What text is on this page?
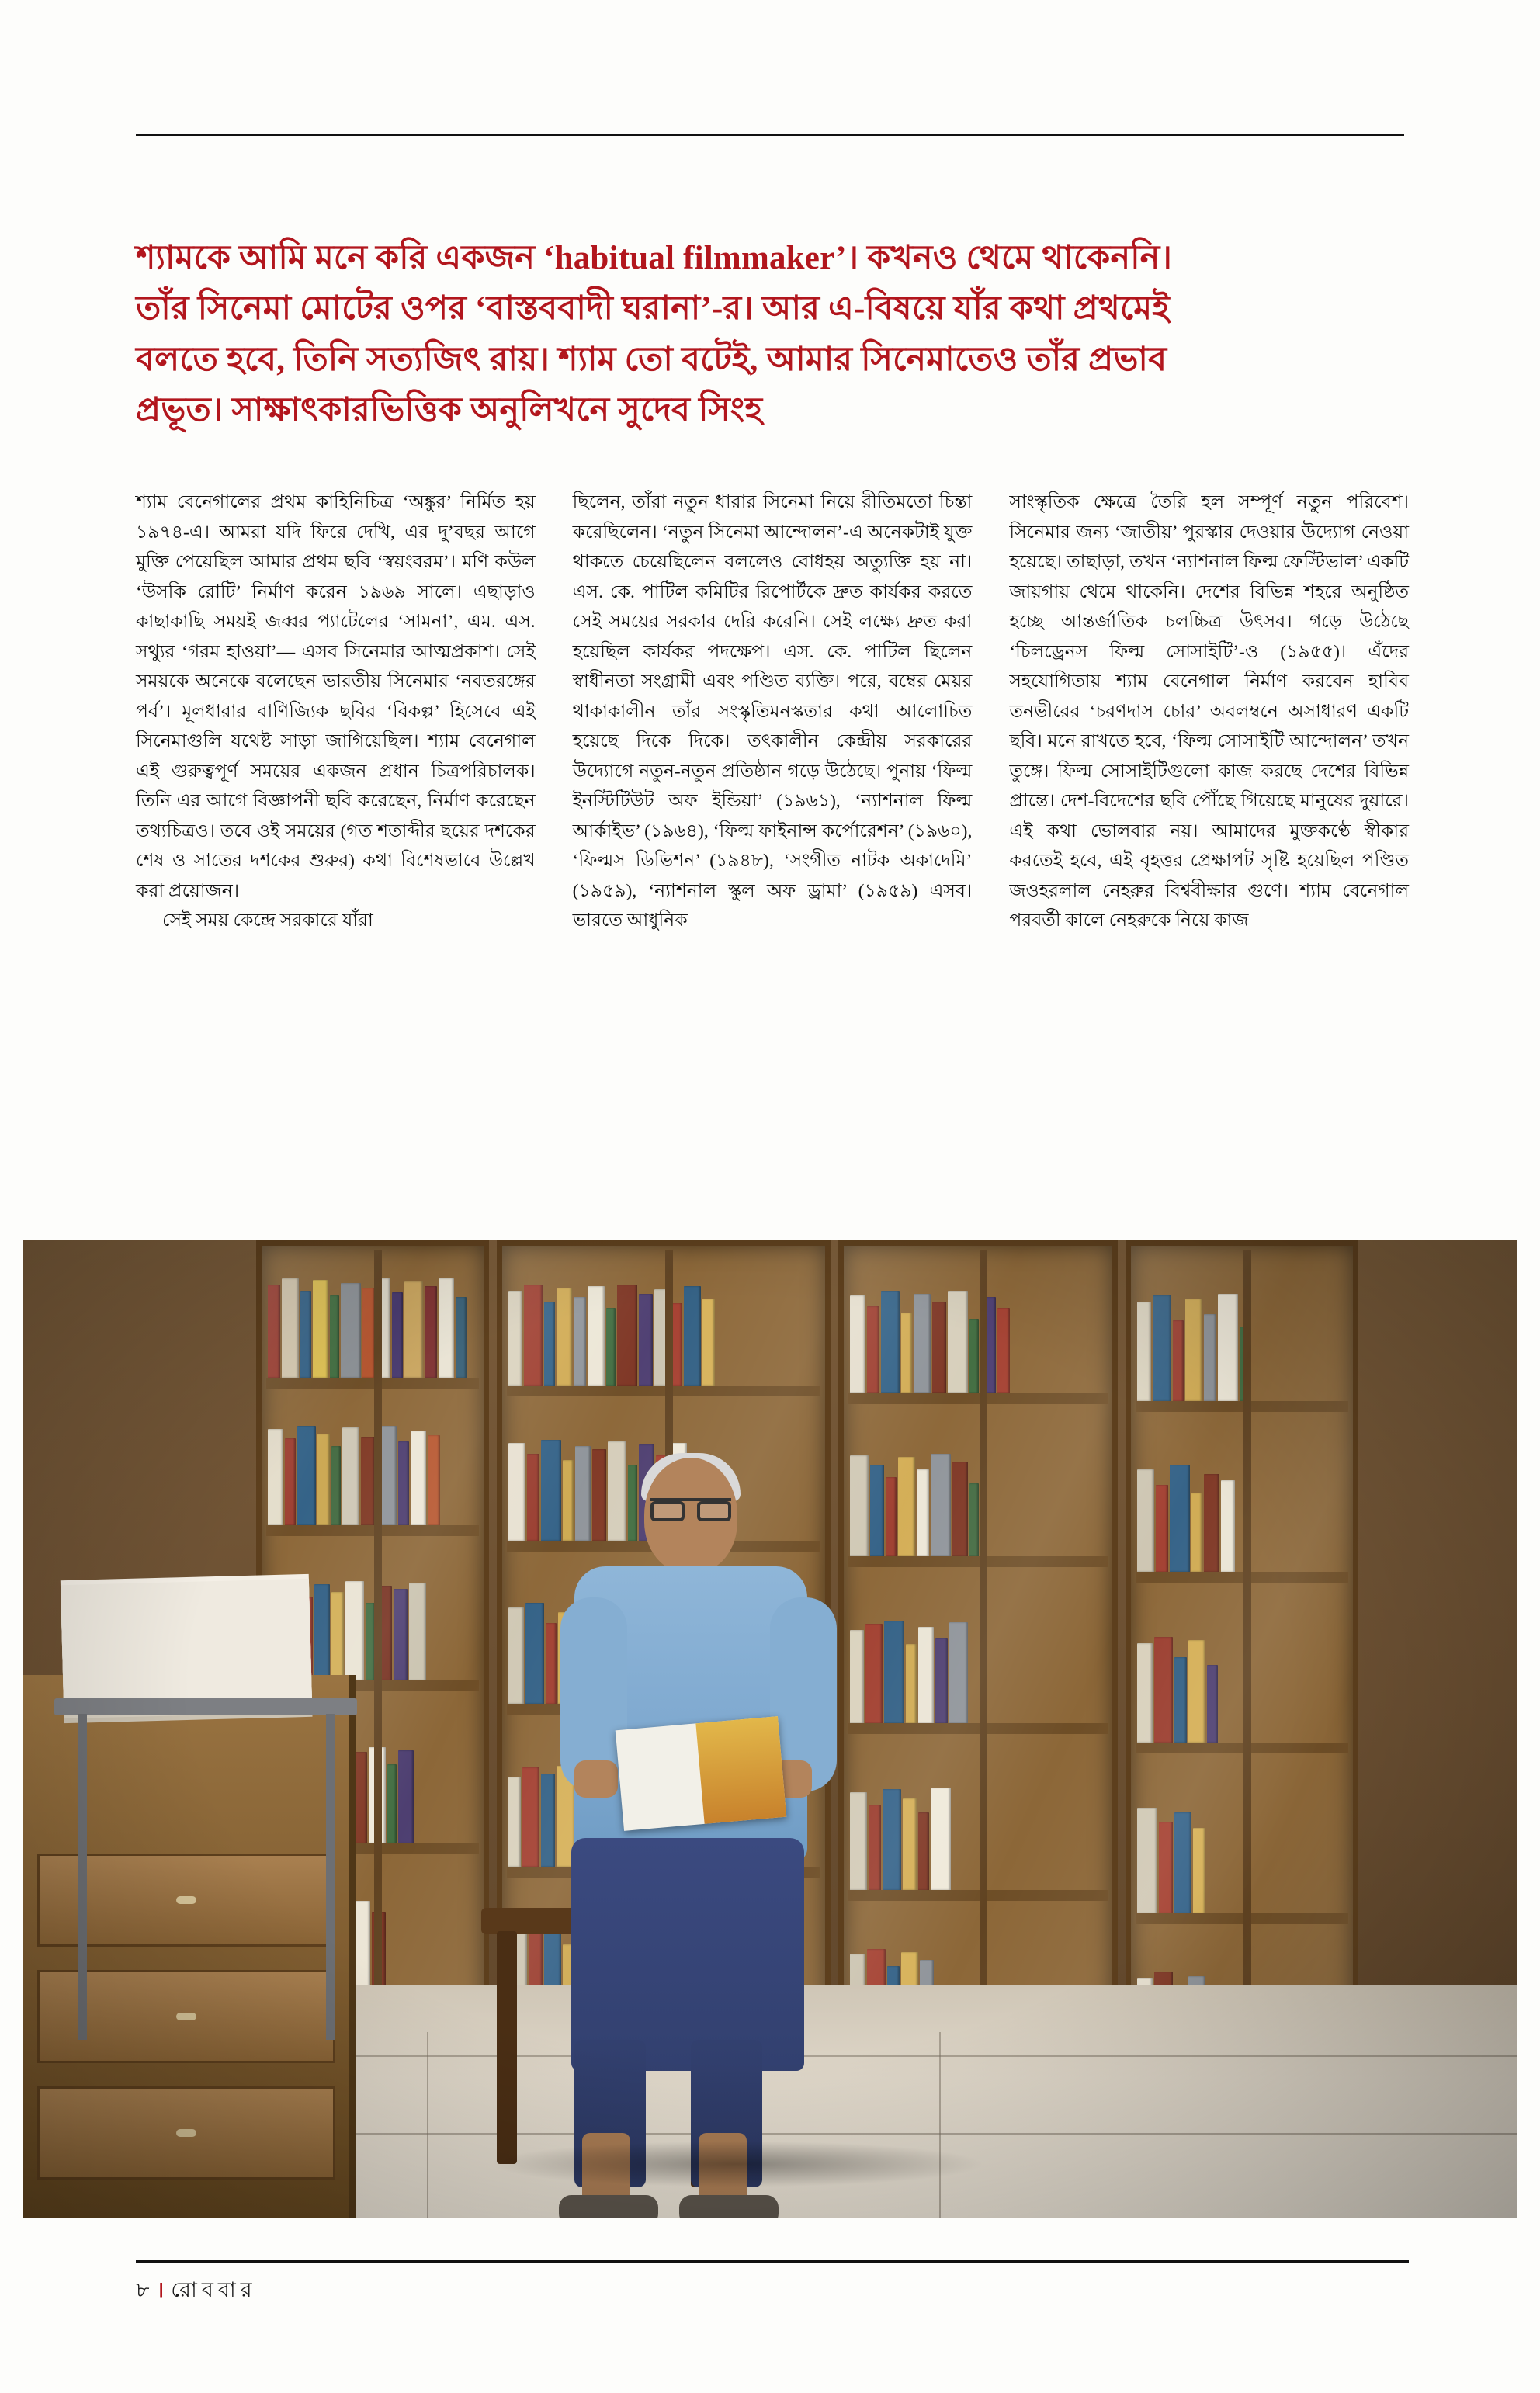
শ্যামকে আমি মনে করি একজন ‘habitual filmmaker’। কখনও থেমে থাকেননি।
তাঁর সিনেমা মোটের ওপর ‘বাস্তববাদী ঘরানা’-র। আর এ-বিষয়ে যাঁর কথা প্রথমেই
বলতে হবে, তিনি সত্যজিৎ রায়। শ্যাম তো বটেই, আমার সিনেমাতেও তাঁর প্রভাব
প্রভূত। সাক্ষাৎকারভিত্তিক অনুলিখনে সুদেব সিংহ

শ্যাম বেনেগালের প্রথম কাহিনিচিত্র ‘অঙ্কুর’ নির্মিত হয় ১৯৭৪-এ। আমরা যদি ফিরে দেখি, এর দু’বছর আগে মুক্তি পেয়েছিল আমার প্রথম ছবি ‘স্বয়ংবরম’। মণি কউল ‘উসকি রোটি’ নির্মাণ করেন ১৯৬৯ সালে। এছাড়াও কাছাকাছি সময়ই জব্বর প্যাটেলের ‘সামনা’, এম. এস. সথ্যুর ‘গরম হাওয়া’— এসব সিনেমার আত্মপ্রকাশ। সেই সময়কে অনেকে বলেছেন ভারতীয় সিনেমার ‘নবতরঙ্গের পর্ব’। মূলধারার বাণিজ্যিক ছবির ‘বিকল্প’ হিসেবে এই সিনেমাগুলি যথেষ্ট সাড়া জাগিয়েছিল। শ্যাম বেনেগাল এই গুরুত্বপূর্ণ সময়ের একজন প্রধান চিত্রপরিচালক। তিনি এর আগে বিজ্ঞাপনী ছবি করেছেন, নির্মাণ করেছেন তথ্যচিত্রও। তবে ওই সময়ের (গত শতাব্দীর ছয়ের দশকের শেষ ও সাতের দশকের শুরুর) কথা বিশেষভাবে উল্লেখ করা প্রয়োজন।

সেই সময় কেন্দ্রে সরকারে যাঁরা

ছিলেন, তাঁরা নতুন ধারার সিনেমা নিয়ে রীতিমতো চিন্তা করেছিলেন। ‘নতুন সিনেমা আন্দোলন’-এ অনেকটাই যুক্ত থাকতে চেয়েছিলেন বললেও বোধহয় অত্যুক্তি হয় না। এস. কে. পাটিল কমিটির রিপোর্টকে দ্রুত কার্যকর করতে সেই সময়ের সরকার দেরি করেনি। সেই লক্ষ্যে দ্রুত করা হয়েছিল কার্যকর পদক্ষেপ। এস. কে. পাটিল ছিলেন স্বাধীনতা সংগ্রামী এবং পণ্ডিত ব্যক্তি। পরে, বম্বের মেয়র থাকাকালীন তাঁর সংস্কৃতিমনস্কতার কথা আলোচিত হয়েছে দিকে দিকে। তৎকালীন কেন্দ্রীয় সরকারের উদ্যোগে নতুন-নতুন প্রতিষ্ঠান গড়ে উঠেছে। পুনায় ‘ফিল্ম ইনস্টিটিউট অফ ইন্ডিয়া’ (১৯৬১), ‘ন্যাশনাল ফিল্ম আর্কাইভ’ (১৯৬৪), ‘ফিল্ম ফাইনান্স কর্পোরেশন’ (১৯৬০), ‘ফিল্মস ডিভিশন’ (১৯৪৮), ‘সংগীত নাটক অকাদেমি’ (১৯৫৯), ‘ন্যাশনাল স্কুল অফ ড্রামা’ (১৯৫৯) এসব। ভারতে আধুনিক

সাংস্কৃতিক ক্ষেত্রে তৈরি হল সম্পূর্ণ নতুন পরিবেশ। সিনেমার জন্য ‘জাতীয়’ পুরস্কার দেওয়ার উদ্যোগ নেওয়া হয়েছে। তাছাড়া, তখন ‘ন্যাশনাল ফিল্ম ফেস্টিভাল’ একটি জায়গায় থেমে থাকেনি। দেশের বিভিন্ন শহরে অনুষ্ঠিত হচ্ছে আন্তর্জাতিক চলচ্চিত্র উৎসব। গড়ে উঠেছে ‘চিলড্রেনস ফিল্ম সোসাইটি’-ও (১৯৫৫)। এঁদের সহযোগিতায় শ্যাম বেনেগাল নির্মাণ করবেন হাবিব তনভীরের ‘চরণদাস চোর’ অবলম্বনে অসাধারণ একটি ছবি। মনে রাখতে হবে, ‘ফিল্ম সোসাইটি আন্দোলন’ তখন তুঙ্গে। ফিল্ম সোসাইটিগুলো কাজ করছে দেশের বিভিন্ন প্রান্তে। দেশ-বিদেশের ছবি পৌঁছে গিয়েছে মানুষের দুয়ারে। এই কথা ভোলবার নয়। আমাদের মুক্তকণ্ঠে স্বীকার করতেই হবে, এই বৃহত্তর প্রেক্ষাপট সৃষ্টি হয়েছিল পণ্ডিত জওহরলাল নেহরুর বিশ্ববীক্ষার গুণে। শ্যাম বেনেগাল পরবর্তী কালে নেহরুকে নিয়ে কাজ

৮ । রোববার
